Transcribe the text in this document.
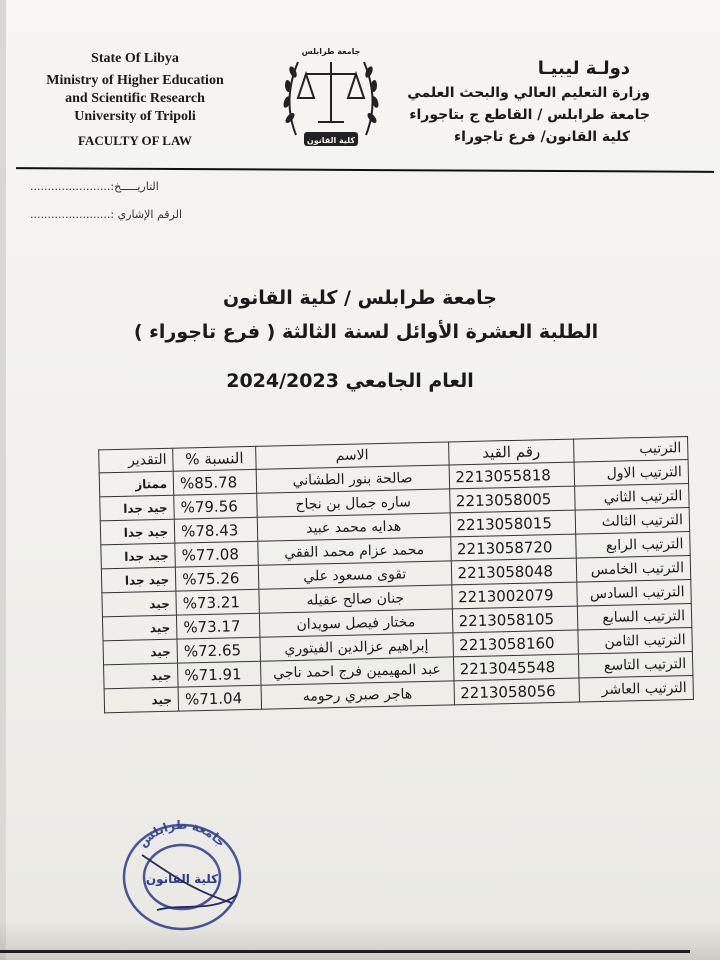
State Of Libya
Ministry of Higher Education
and Scientific Research
University of Tripoli
FACULTY OF LAW
جامعة طرابلس
كلية القانون
دولـة ليبيـا
وزارة التعليم العالي والبحث العلمي
جامعة طرابلس / القاطع ج بتاجوراء
كلية القانون/ فرع تاجوراء
التاريـــــخ:.......................
الرقم الإشاري :.......................
جامعة طرابلس / كلية القانون
الطلبة العشرة الأوائل لسنة الثالثة ( فرع تاجوراء )
العام الجامعي 2024/2023
الترتيب	رقم القيد	الاسم	النسبة %	التقدير
الترتيب الاول	2213055818	صالحة بنور الطشاني	%85.78	ممتاز
الترتيب الثاني	2213058005	ساره جمال بن نجاح	%79.56	جيد جدا
الترتيب الثالث	2213058015	هدايه محمد عبيد	%78.43	جيد جدا
الترتيب الرابع	2213058720	محمد عزام محمد الفقي	%77.08	جيد جدا
الترتيب الخامس	2213058048	تقوى مسعود علي	%75.26	جيد جدا
الترتيب السادس	2213002079	جنان صالح عقيله	%73.21	جيد
الترتيب السابع	2213058105	مختار فيصل سويدان	%73.17	جيد
الترتيب الثامن	2213058160	إبراهيم عزالدين الفيتوري	%72.65	جيد
الترتيب التاسع	2213045548	عبد المهيمين فرج احمد ناجي	%71.91	جيد
الترتيب العاشر	2213058056	هاجر صبري رحومه	%71.04	جيد
جامعة طرابلس
كلية القانون
